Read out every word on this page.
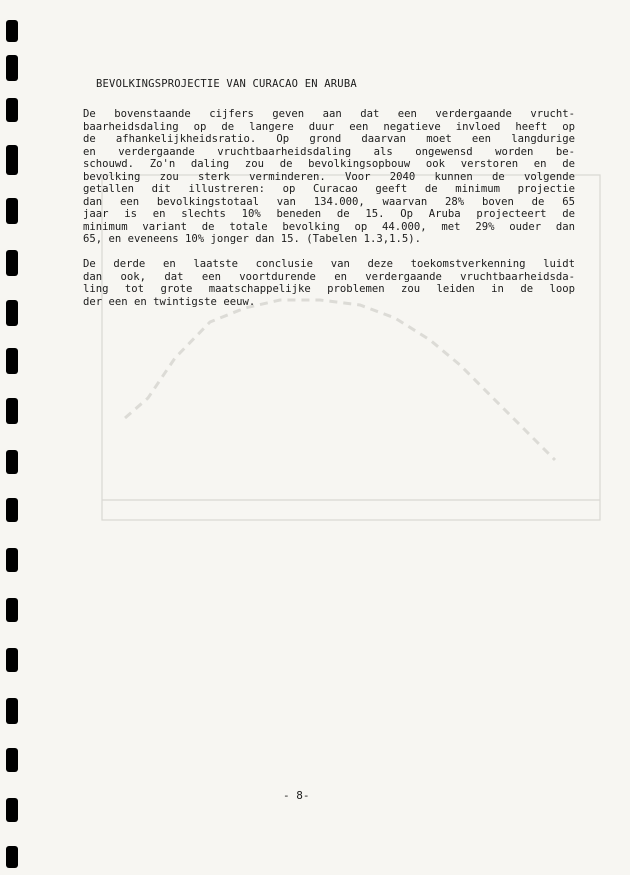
BEVOLKINGSPROJECTIE VAN CURACAO EN ARUBA

De bovenstaande cijfers geven aan dat een verdergaande vrucht-
baarheidsdaling op de langere duur een negatieve invloed heeft op
de afhankelijkheidsratio. Op grond daarvan moet een langdurige
en verdergaande vruchtbaarheidsdaling als ongewensd worden be-
schouwd. Zo'n daling zou de bevolkingsopbouw ook verstoren en de
bevolking zou sterk verminderen. Voor 2040 kunnen de volgende
getallen dit illustreren: op Curacao geeft de minimum projectie
dan een bevolkingstotaal van 134.000, waarvan 28% boven de 65
jaar is en slechts 10% beneden de 15. Op Aruba projecteert de
minimum variant de totale bevolking op 44.000, met 29% ouder dan
65, en eveneens 10% jonger dan 15. (Tabelen 1.3,1.5).

De derde en laatste conclusie van deze toekomstverkenning luidt
dan ook, dat een voortdurende en verdergaande vruchtbaarheidsda-
ling tot grote maatschappelijke problemen zou leiden in de loop
der een en twintigste eeuw.

- 8-
